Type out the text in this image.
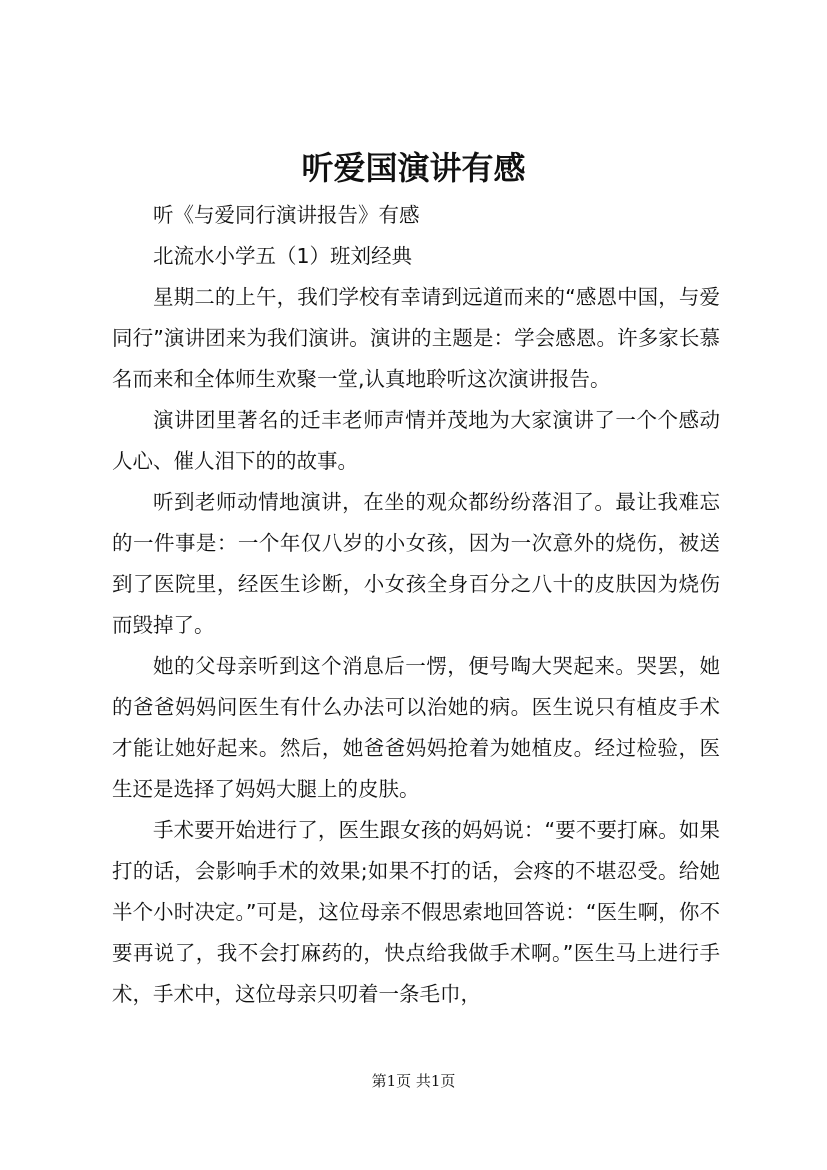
听爱国演讲有感

听《与爱同行演讲报告》有感

北流水小学五（1）班刘经典

星期二的上午，我们学校有幸请到远道而来的“感恩中国，与爱同行”演讲团来为我们演讲。演讲的主题是：学会感恩。许多家长慕名而来和全体师生欢聚一堂,认真地聆听这次演讲报告。

演讲团里著名的迁丰老师声情并茂地为大家演讲了一个个感动人心、催人泪下的的故事。

听到老师动情地演讲，在坐的观众都纷纷落泪了。最让我难忘的一件事是：一个年仅八岁的小女孩，因为一次意外的烧伤，被送到了医院里，经医生诊断，小女孩全身百分之八十的皮肤因为烧伤而毁掉了。

她的父母亲听到这个消息后一愣，便号啕大哭起来。哭罢，她的爸爸妈妈问医生有什么办法可以治她的病。医生说只有植皮手术才能让她好起来。然后，她爸爸妈妈抢着为她植皮。经过检验，医生还是选择了妈妈大腿上的皮肤。

手术要开始进行了，医生跟女孩的妈妈说：“要不要打麻。如果打的话，会影响手术的效果;如果不打的话，会疼的不堪忍受。给她半个小时决定。”可是，这位母亲不假思索地回答说：“医生啊，你不要再说了，我不会打麻药的，快点给我做手术啊。”医生马上进行手术，手术中，这位母亲只叨着一条毛巾，

第1页 共1页
